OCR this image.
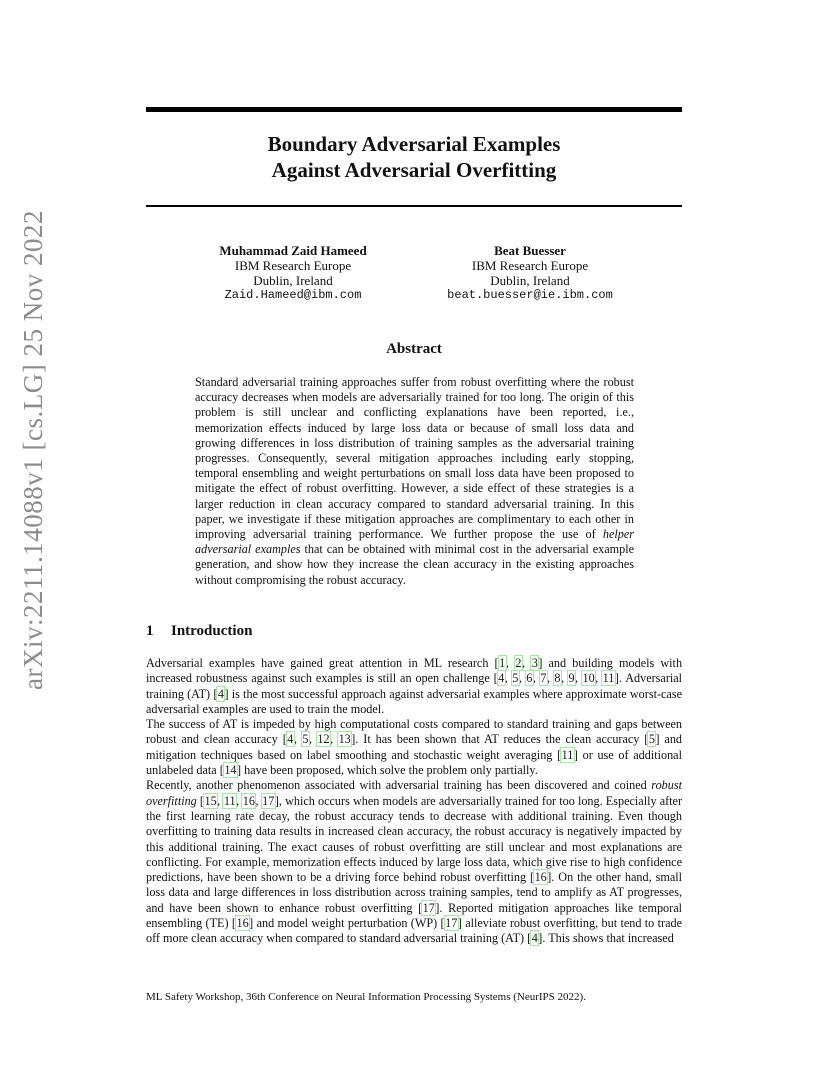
arXiv:2211.14088v1 [cs.LG] 25 Nov 2022
Boundary Adversarial Examples
Against Adversarial Overfitting
Muhammad Zaid Hameed
IBM Research Europe
Dublin, Ireland
Zaid.Hameed@ibm.com
Beat Buesser
IBM Research Europe
Dublin, Ireland
beat.buesser@ie.ibm.com
Abstract
Standard adversarial training approaches suffer from robust overfitting where the robust accuracy decreases when models are adversarially trained for too long. The origin of this problem is still unclear and conflicting explanations have been reported, i.e., memorization effects induced by large loss data or because of small loss data and growing differences in loss distribution of training samples as the adversarial training progresses. Consequently, several mitigation approaches including early stopping, temporal ensembling and weight perturbations on small loss data have been proposed to mitigate the effect of robust overfitting. However, a side effect of these strategies is a larger reduction in clean accuracy compared to standard adversarial training. In this paper, we investigate if these mitigation approaches are complimentary to each other in improving adversarial training performance. We further propose the use of helper adversarial examples that can be obtained with minimal cost in the adversarial example generation, and show how they increase the clean accuracy in the existing approaches without compromising the robust accuracy.
1 Introduction

Adversarial examples have gained great attention in ML research [1, 2, 3] and building models with increased robustness against such examples is still an open challenge [4, 5, 6, 7, 8, 9, 10, 11]. Adversarial training (AT) [4] is the most successful approach against adversarial examples where approximate worst-case adversarial examples are used to train the model.

The success of AT is impeded by high computational costs compared to standard training and gaps between robust and clean accuracy [4, 5, 12, 13]. It has been shown that AT reduces the clean accuracy [5] and mitigation techniques based on label smoothing and stochastic weight averaging [11] or use of additional unlabeled data [14] have been proposed, which solve the problem only partially.

Recently, another phenomenon associated with adversarial training has been discovered and coined robust overfitting [15, 11, 16, 17], which occurs when models are adversarially trained for too long. Especially after the first learning rate decay, the robust accuracy tends to decrease with additional training. Even though overfitting to training data results in increased clean accuracy, the robust accuracy is negatively impacted by this additional training. The exact causes of robust overfitting are still unclear and most explanations are conflicting. For example, memorization effects induced by large loss data, which give rise to high confidence predictions, have been shown to be a driving force behind robust overfitting [16]. On the other hand, small loss data and large differences in loss distribution across training samples, tend to amplify as AT progresses, and have been shown to enhance robust overfitting [17]. Reported mitigation approaches like temporal ensembling (TE) [16] and model weight perturbation (WP) [17] alleviate robust overfitting, but tend to trade off more clean accuracy when compared to standard adversarial training (AT) [4]. This shows that increased

ML Safety Workshop, 36th Conference on Neural Information Processing Systems (NeurIPS 2022).
